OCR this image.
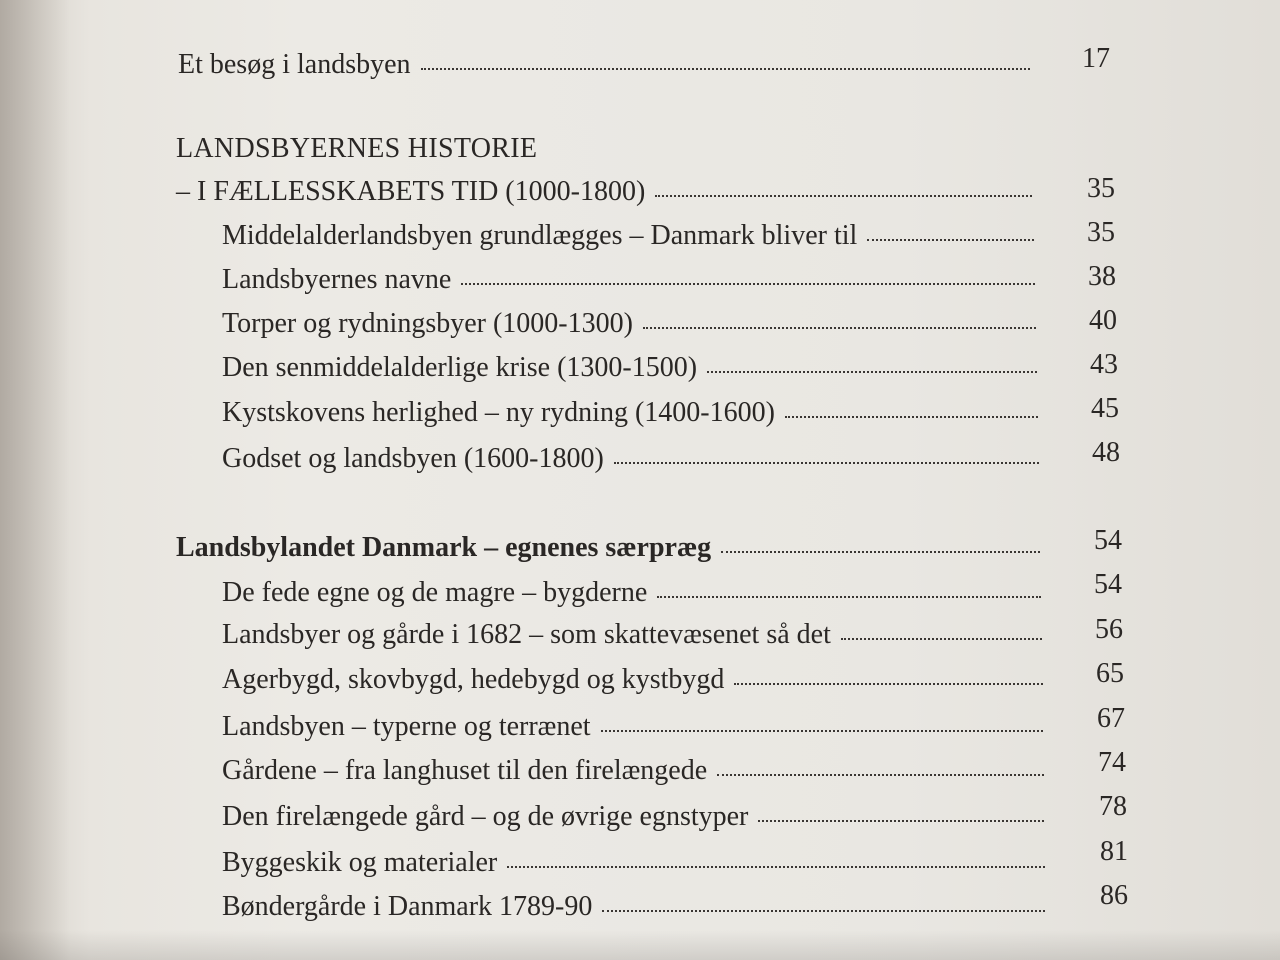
Et besøg i landsbyen	17
LANDSBYERNES HISTORIE
– I FÆLLESSKABETS TID (1000-1800)	35
Middelalderlandsbyen grundlægges – Danmark bliver til	35
Landsbyernes navne	38
Torper og rydningsbyer (1000-1300)	40
Den senmiddelalderlige krise (1300-1500)	43
Kystskovens herlighed – ny rydning (1400-1600)	45
Godset og landsbyen (1600-1800)	48
Landsbylandet Danmark – egnenes særpræg	54
De fede egne og de magre – bygderne	54
Landsbyer og gårde i 1682 – som skattevæsenet så det	56
Agerbygd, skovbygd, hedebygd og kystbygd	65
Landsbyen – typerne og terrænet	67
Gårdene – fra langhuset til den firelængede	74
Den firelængede gård – og de øvrige egnstyper	78
Byggeskik og materialer	81
Bøndergårde i Danmark 1789-90	86
